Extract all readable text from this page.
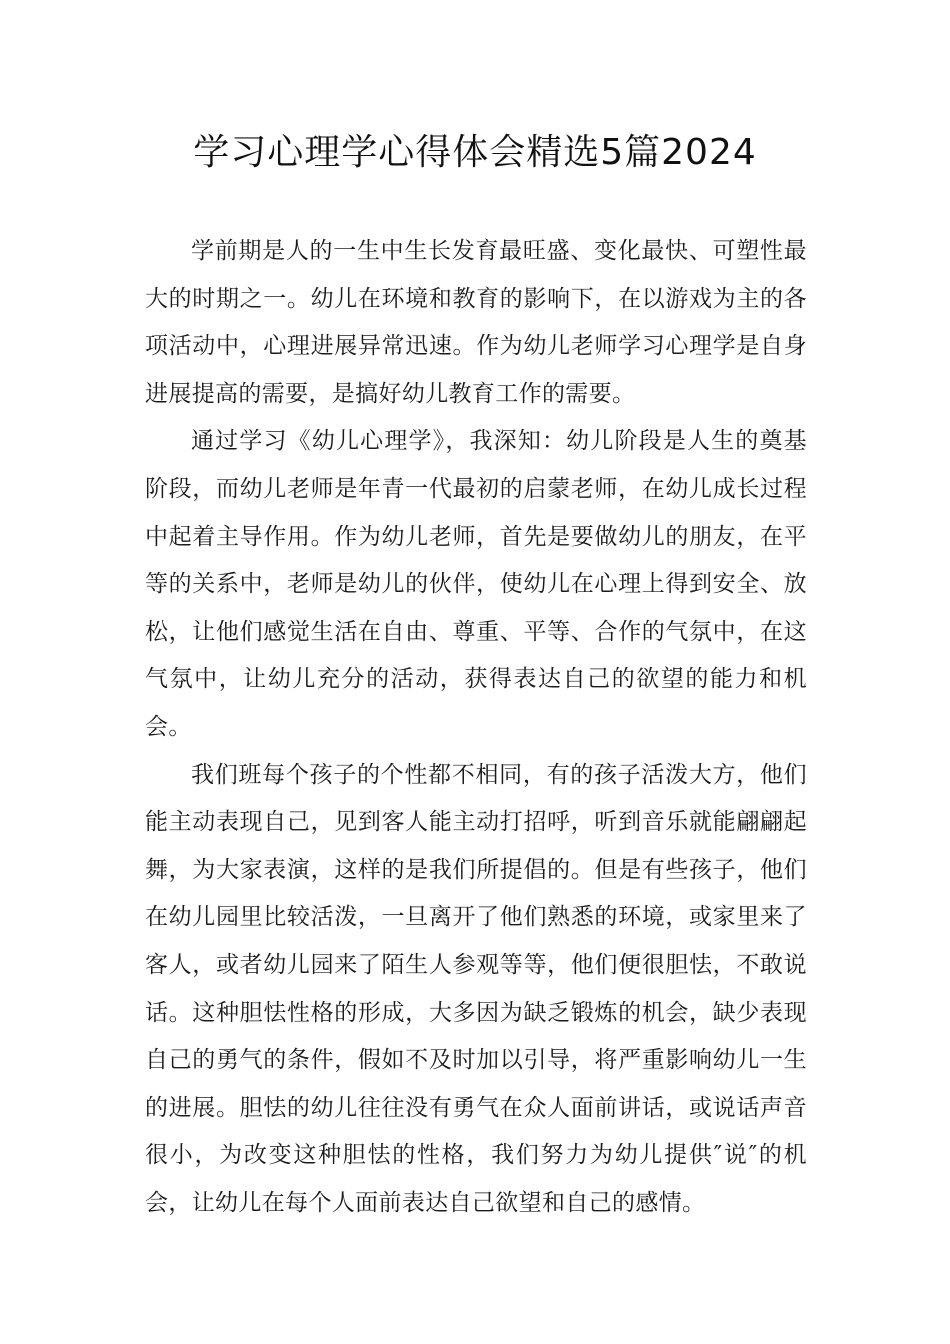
学习心理学心得体会精选5篇2024

学前期是人的一生中生长发育最旺盛、变化最快、可塑性最大的时期之一。幼儿在环境和教育的影响下，在以游戏为主的各项活动中，心理进展异常迅速。作为幼儿老师学习心理学是自身进展提高的需要，是搞好幼儿教育工作的需要。

通过学习《幼儿心理学》，我深知：幼儿阶段是人生的奠基阶段，而幼儿老师是年青一代最初的启蒙老师，在幼儿成长过程中起着主导作用。作为幼儿老师，首先是要做幼儿的朋友，在平等的关系中，老师是幼儿的伙伴，使幼儿在心理上得到安全、放松，让他们感觉生活在自由、尊重、平等、合作的气氛中，在这气氛中，让幼儿充分的活动，获得表达自己的欲望的能力和机会。

我们班每个孩子的个性都不相同，有的孩子活泼大方，他们能主动表现自己，见到客人能主动打招呼，听到音乐就能翩翩起舞，为大家表演，这样的是我们所提倡的。但是有些孩子，他们在幼儿园里比较活泼，一旦离开了他们熟悉的环境，或家里来了客人，或者幼儿园来了陌生人参观等等，他们便很胆怯，不敢说话。这种胆怯性格的形成，大多因为缺乏锻炼的机会，缺少表现自己的勇气的条件，假如不及时加以引导，将严重影响幼儿一生的进展。胆怯的幼儿往往没有勇气在众人面前讲话，或说话声音很小，为改变这种胆怯的性格，我们努力为幼儿提供″说″的机会，让幼儿在每个人面前表达自己欲望和自己的感情。
